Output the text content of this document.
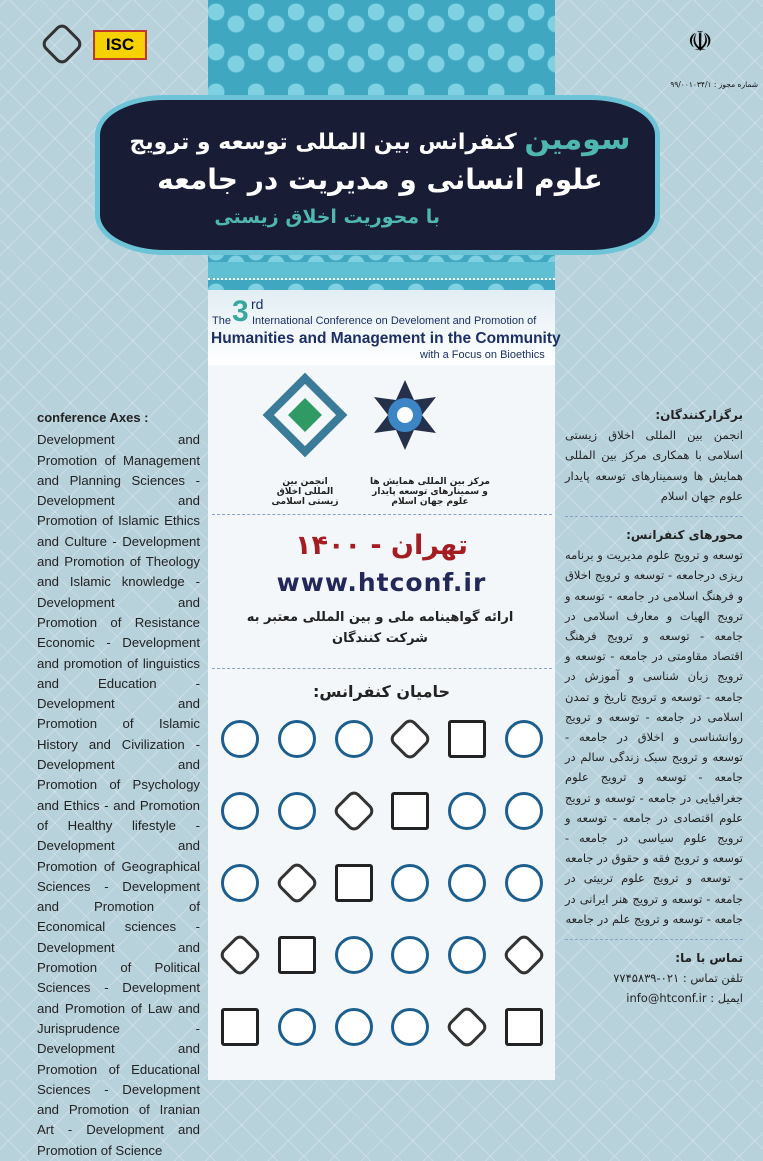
سومین کنفرانس بین المللی توسعه و ترویج
علوم انسانی و مدیریت در جامعه
با محوریت اخلاق زیستی
ISC	☫
شماره مجوز : ۹۹/۰۰۱۰۳۴/۱
The 3 rd
International Conference on Develoment and Promotion of
Humanities and Management in the Community
with a Focus on Bioethics
مرکز بین المللی همایش ها و سمینارهای توسعه پایدار علوم جهان اسلام
انجمن بین المللی اخلاق زیستی اسلامی
تهران - ۱۴۰۰
www.htconf.ir
ارائه گواهینامه ملی و بین المللی معتبر به شرکت کنندگان
حامیان کنفرانس:
conference Axes :

Development and Promotion of Management and Planning Sciences - Development and Promotion of Islamic Ethics and Culture - Development and Promotion of Theology and Islamic knowledge - Development and Promotion of Resistance Economic - Development and promotion of linguistics and Education - Development and Promotion of Islamic History and Civilization - Development and Promotion of Psychology and Ethics - and Promotion of Healthy lifestyle - Development and Promotion of Geographical Sciences - Development and Promotion of Economical sciences - Development and Promotion of Political Sciences - Development and Promotion of Law and Jurisprudence - Development and Promotion of Educational Sciences - Development and Promotion of Iranian Art - Development and Promotion of Science

برگزارکنندگان:

انجمن بین المللی اخلاق زیستی اسلامی با همکاری مرکز بین المللی همایش ها وسمینارهای توسعه پایدار علوم جهان اسلام

محورهای کنفرانس:

توسعه و ترویج علوم مدیریت و برنامه ریزی درجامعه - توسعه و ترویج اخلاق و فرهنگ اسلامی در جامعه - توسعه و ترویج الهیات و معارف اسلامی در جامعه - توسعه و ترویج فرهنگ اقتصاد مقاومتی در جامعه - توسعه و ترویج زبان شناسی و آموزش در جامعه - توسعه و ترویج تاریخ و تمدن اسلامی در جامعه - توسعه و ترویج روانشناسی و اخلاق در جامعه - توسعه و ترویج سبک زندگی سالم در جامعه - توسعه و ترویج علوم جغرافیایی در جامعه - توسعه و ترویج علوم اقتصادی در جامعه - توسعه و ترویج علوم سیاسی در جامعه - توسعه و ترویج فقه و حقوق در جامعه - توسعه و ترویج علوم تربیتی در جامعه - توسعه و ترویج هنر ایرانی در جامعه - توسعه و ترویج علم در جامعه

تماس با ما:

تلفن تماس : ۰۲۱-۷۷۴۵۸۳۹

ایمیل : info@htconf.ir
